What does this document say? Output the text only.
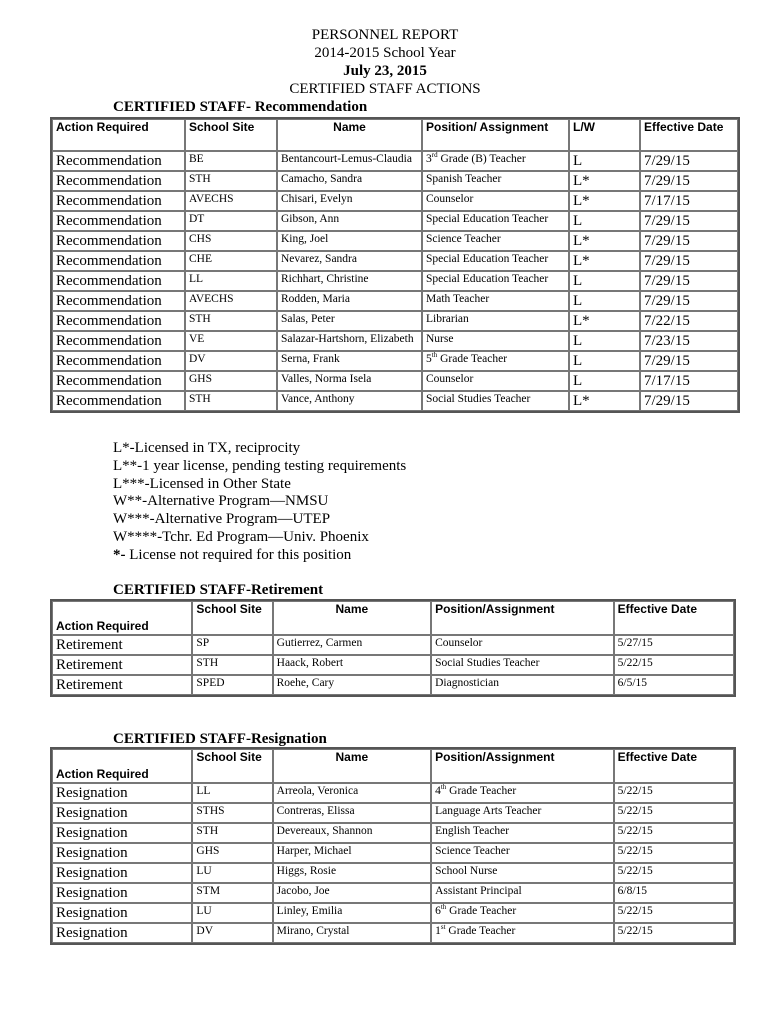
PERSONNEL REPORT
2014-2015 School Year
July 23, 2015
CERTIFIED STAFF ACTIONS
CERTIFIED STAFF- Recommendation
Action Required	School Site	Name	Position/ Assignment	L/W	Effective Date
Recommendation	BE	Bentancourt-Lemus-Claudia	3rd Grade (B) Teacher	L	7/29/15
Recommendation	STH	Camacho, Sandra	Spanish Teacher	L*	7/29/15
Recommendation	AVECHS	Chisari, Evelyn	Counselor	L*	7/17/15
Recommendation	DT	Gibson, Ann	Special Education Teacher	L	7/29/15
Recommendation	CHS	King, Joel	Science Teacher	L*	7/29/15
Recommendation	CHE	Nevarez, Sandra	Special Education Teacher	L*	7/29/15
Recommendation	LL	Richhart, Christine	Special Education Teacher	L	7/29/15
Recommendation	AVECHS	Rodden, Maria	Math Teacher	L	7/29/15
Recommendation	STH	Salas, Peter	Librarian	L*	7/22/15
Recommendation	VE	Salazar-Hartshorn, Elizabeth	Nurse	L	7/23/15
Recommendation	DV	Serna, Frank	5th Grade Teacher	L	7/29/15
Recommendation	GHS	Valles, Norma Isela	Counselor	L	7/17/15
Recommendation	STH	Vance, Anthony	Social Studies Teacher	L*	7/29/15
L*-Licensed in TX, reciprocity
L**-1 year license, pending testing requirements
L***-Licensed in Other State
W**-Alternative Program—NMSU
W***-Alternative Program—UTEP
W****-Tchr. Ed Program—Univ. Phoenix
*- License not required for this position
CERTIFIED STAFF-Retirement
Action Required	School Site	Name	Position/Assignment	Effective Date
Retirement	SP	Gutierrez, Carmen	Counselor	5/27/15
Retirement	STH	Haack, Robert	Social Studies Teacher	5/22/15
Retirement	SPED	Roehe, Cary	Diagnostician	6/5/15
CERTIFIED STAFF-Resignation
Action Required	School Site	Name	Position/Assignment	Effective Date
Resignation	LL	Arreola, Veronica	4th Grade Teacher	5/22/15
Resignation	STHS	Contreras, Elissa	Language Arts Teacher	5/22/15
Resignation	STH	Devereaux, Shannon	English Teacher	5/22/15
Resignation	GHS	Harper, Michael	Science Teacher	5/22/15
Resignation	LU	Higgs, Rosie	School Nurse	5/22/15
Resignation	STM	Jacobo, Joe	Assistant Principal	6/8/15
Resignation	LU	Linley, Emilia	6th Grade Teacher	5/22/15
Resignation	DV	Mirano, Crystal	1st Grade Teacher	5/22/15
